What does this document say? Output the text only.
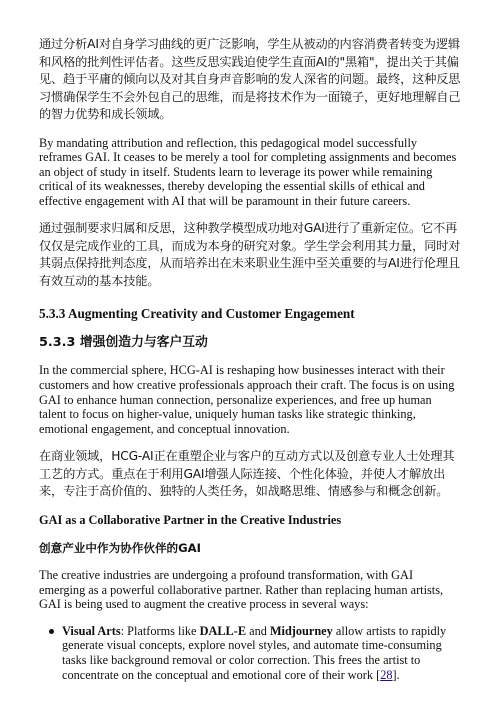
通过分析AI对自身学习曲线的更广泛影响，学生从被动的内容消费者转变为逻辑和风格的批判性评估者。这些反思实践迫使学生直面AI的"黑箱"，提出关于其偏见、趋于平庸的倾向以及对其自身声音影响的发人深省的问题。最终，这种反思习惯确保学生不会外包自己的思维，而是将技术作为一面镜子，更好地理解自己的智力优势和成长领域。

By mandating attribution and reflection, this pedagogical model successfully reframes GAI. It ceases to be merely a tool for completing assignments and becomes an object of study in itself. Students learn to leverage its power while remaining critical of its weaknesses, thereby developing the essential skills of ethical and effective engagement with AI that will be paramount in their future careers.

通过强制要求归属和反思，这种教学模型成功地对GAI进行了重新定位。它不再仅仅是完成作业的工具，而成为本身的研究对象。学生学会利用其力量，同时对其弱点保持批判态度，从而培养出在未来职业生涯中至关重要的与AI进行伦理且有效互动的基本技能。

5.3.3 Augmenting Creativity and Customer Engagement
5.3.3 增强创造力与客户互动

In the commercial sphere, HCG-AI is reshaping how businesses interact with their customers and how creative professionals approach their craft. The focus is on using GAI to enhance human connection, personalize experiences, and free up human talent to focus on higher-value, uniquely human tasks like strategic thinking, emotional engagement, and conceptual innovation.

在商业领域，HCG-AI正在重塑企业与客户的互动方式以及创意专业人士处理其工艺的方式。重点在于利用GAI增强人际连接、个性化体验，并使人才解放出来，专注于高价值的、独特的人类任务，如战略思维、情感参与和概念创新。

GAI as a Collaborative Partner in the Creative Industries
创意产业中作为协作伙伴的GAI

The creative industries are undergoing a profound transformation, with GAI emerging as a powerful collaborative partner. Rather than replacing human artists, GAI is being used to augment the creative process in several ways:

Visual Arts: Platforms like DALL-E and Midjourney allow artists to rapidly generate visual concepts, explore novel styles, and automate time-consuming tasks like background removal or color correction. This frees the artist to concentrate on the conceptual and emotional core of their work [28].
